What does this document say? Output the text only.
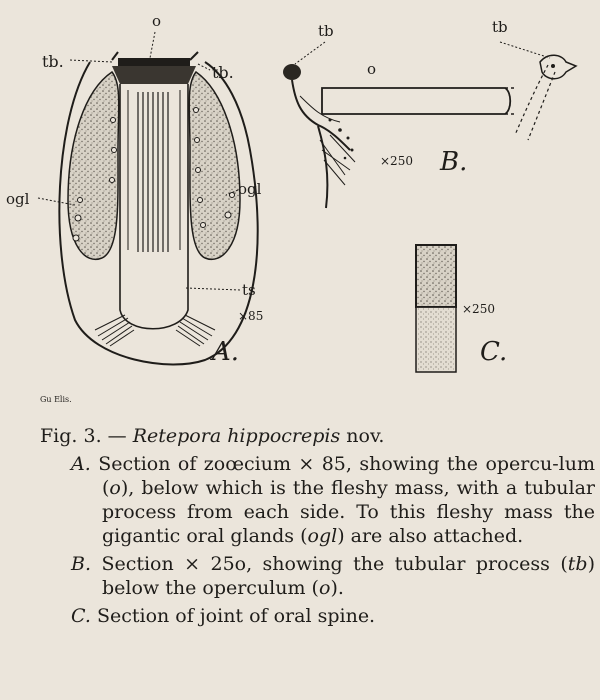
o
tb.
tb.
ogl
ogl
ts
×85
A.
Gu Elis.
tb	tb
o
×250 B.
×250
C.
Fig. 3. — Retepora hippocrepis nov.
A. Section of zoœcium × 85, showing the opercu-lum (o), below which is the fleshy mass, with a tubular process from each side. To this fleshy mass the gigantic oral glands (ogl) are also attached.
B. Section × 25o, showing the tubular process (tb) below the operculum (o).
C. Section of joint of oral spine.
